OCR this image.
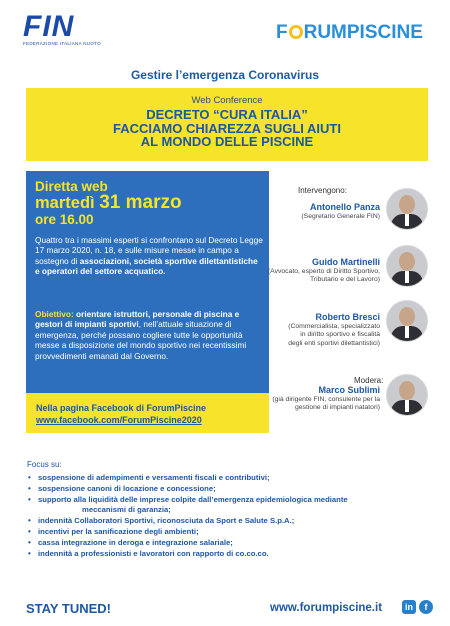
FIN
FEDERAZIONE ITALIANA NUOTO
F RUMPISCINE
Gestire l’emergenza Coronavirus
Web Conference
DECRETO “CURA ITALIA”
FACCIAMO CHIAREZZA SUGLI AIUTI
AL MONDO DELLE PISCINE
Diretta web
martedì 31 marzo
ore 16.00
Quattro tra i massimi esperti si confrontano sul Decreto Legge 17 marzo 2020, n. 18, e sulle misure messe in campo a sostegno di associazioni, società sportive dilettantistiche e operatori del settore acquatico.
Obiettivo: orientare istruttori, personale di piscina e gestori di impianti sportivi, nell’attuale situazione di emergenza, perché possano cogliere tutte le opportunità messe a disposizione del mondo sportivo nei recentissimi provvedimenti emanati dal Governo.
Nella pagina Facebook di ForumPiscine
www.facebook.com/ForumPiscine2020
Intervengono:
Antonello Panza
(Segretario Generale FIN)
Guido Martinelli
(Avvocato, esperto di Diritto Sportivo,
Tributario e del Lavoro)
Roberto Bresci
(Commercialista, specializzato
in diritto sportivo e fiscalità
degli enti sportivi dilettantistici)
Modera:
Marco Sublimi
(già dirigente FIN, consulente per la
gestione di impianti natatori)
Focus su:
• sospensione di adempimenti e versamenti fiscali e contributivi;
• sospensione canoni di locazione e concessione;
• supporto alla liquidità delle imprese colpite dall’emergenza epidemiologica mediante
meccanismi di garanzia;
• indennità Collaboratori Sportivi, riconosciuta da Sport e Salute S.p.A.;
• incentivi per la sanificazione degli ambienti;
• cassa integrazione in deroga e integrazione salariale;
• indennità a professionisti e lavoratori con rapporto di co.co.co.
STAY TUNED!	www.forumpiscine.it	in	f
